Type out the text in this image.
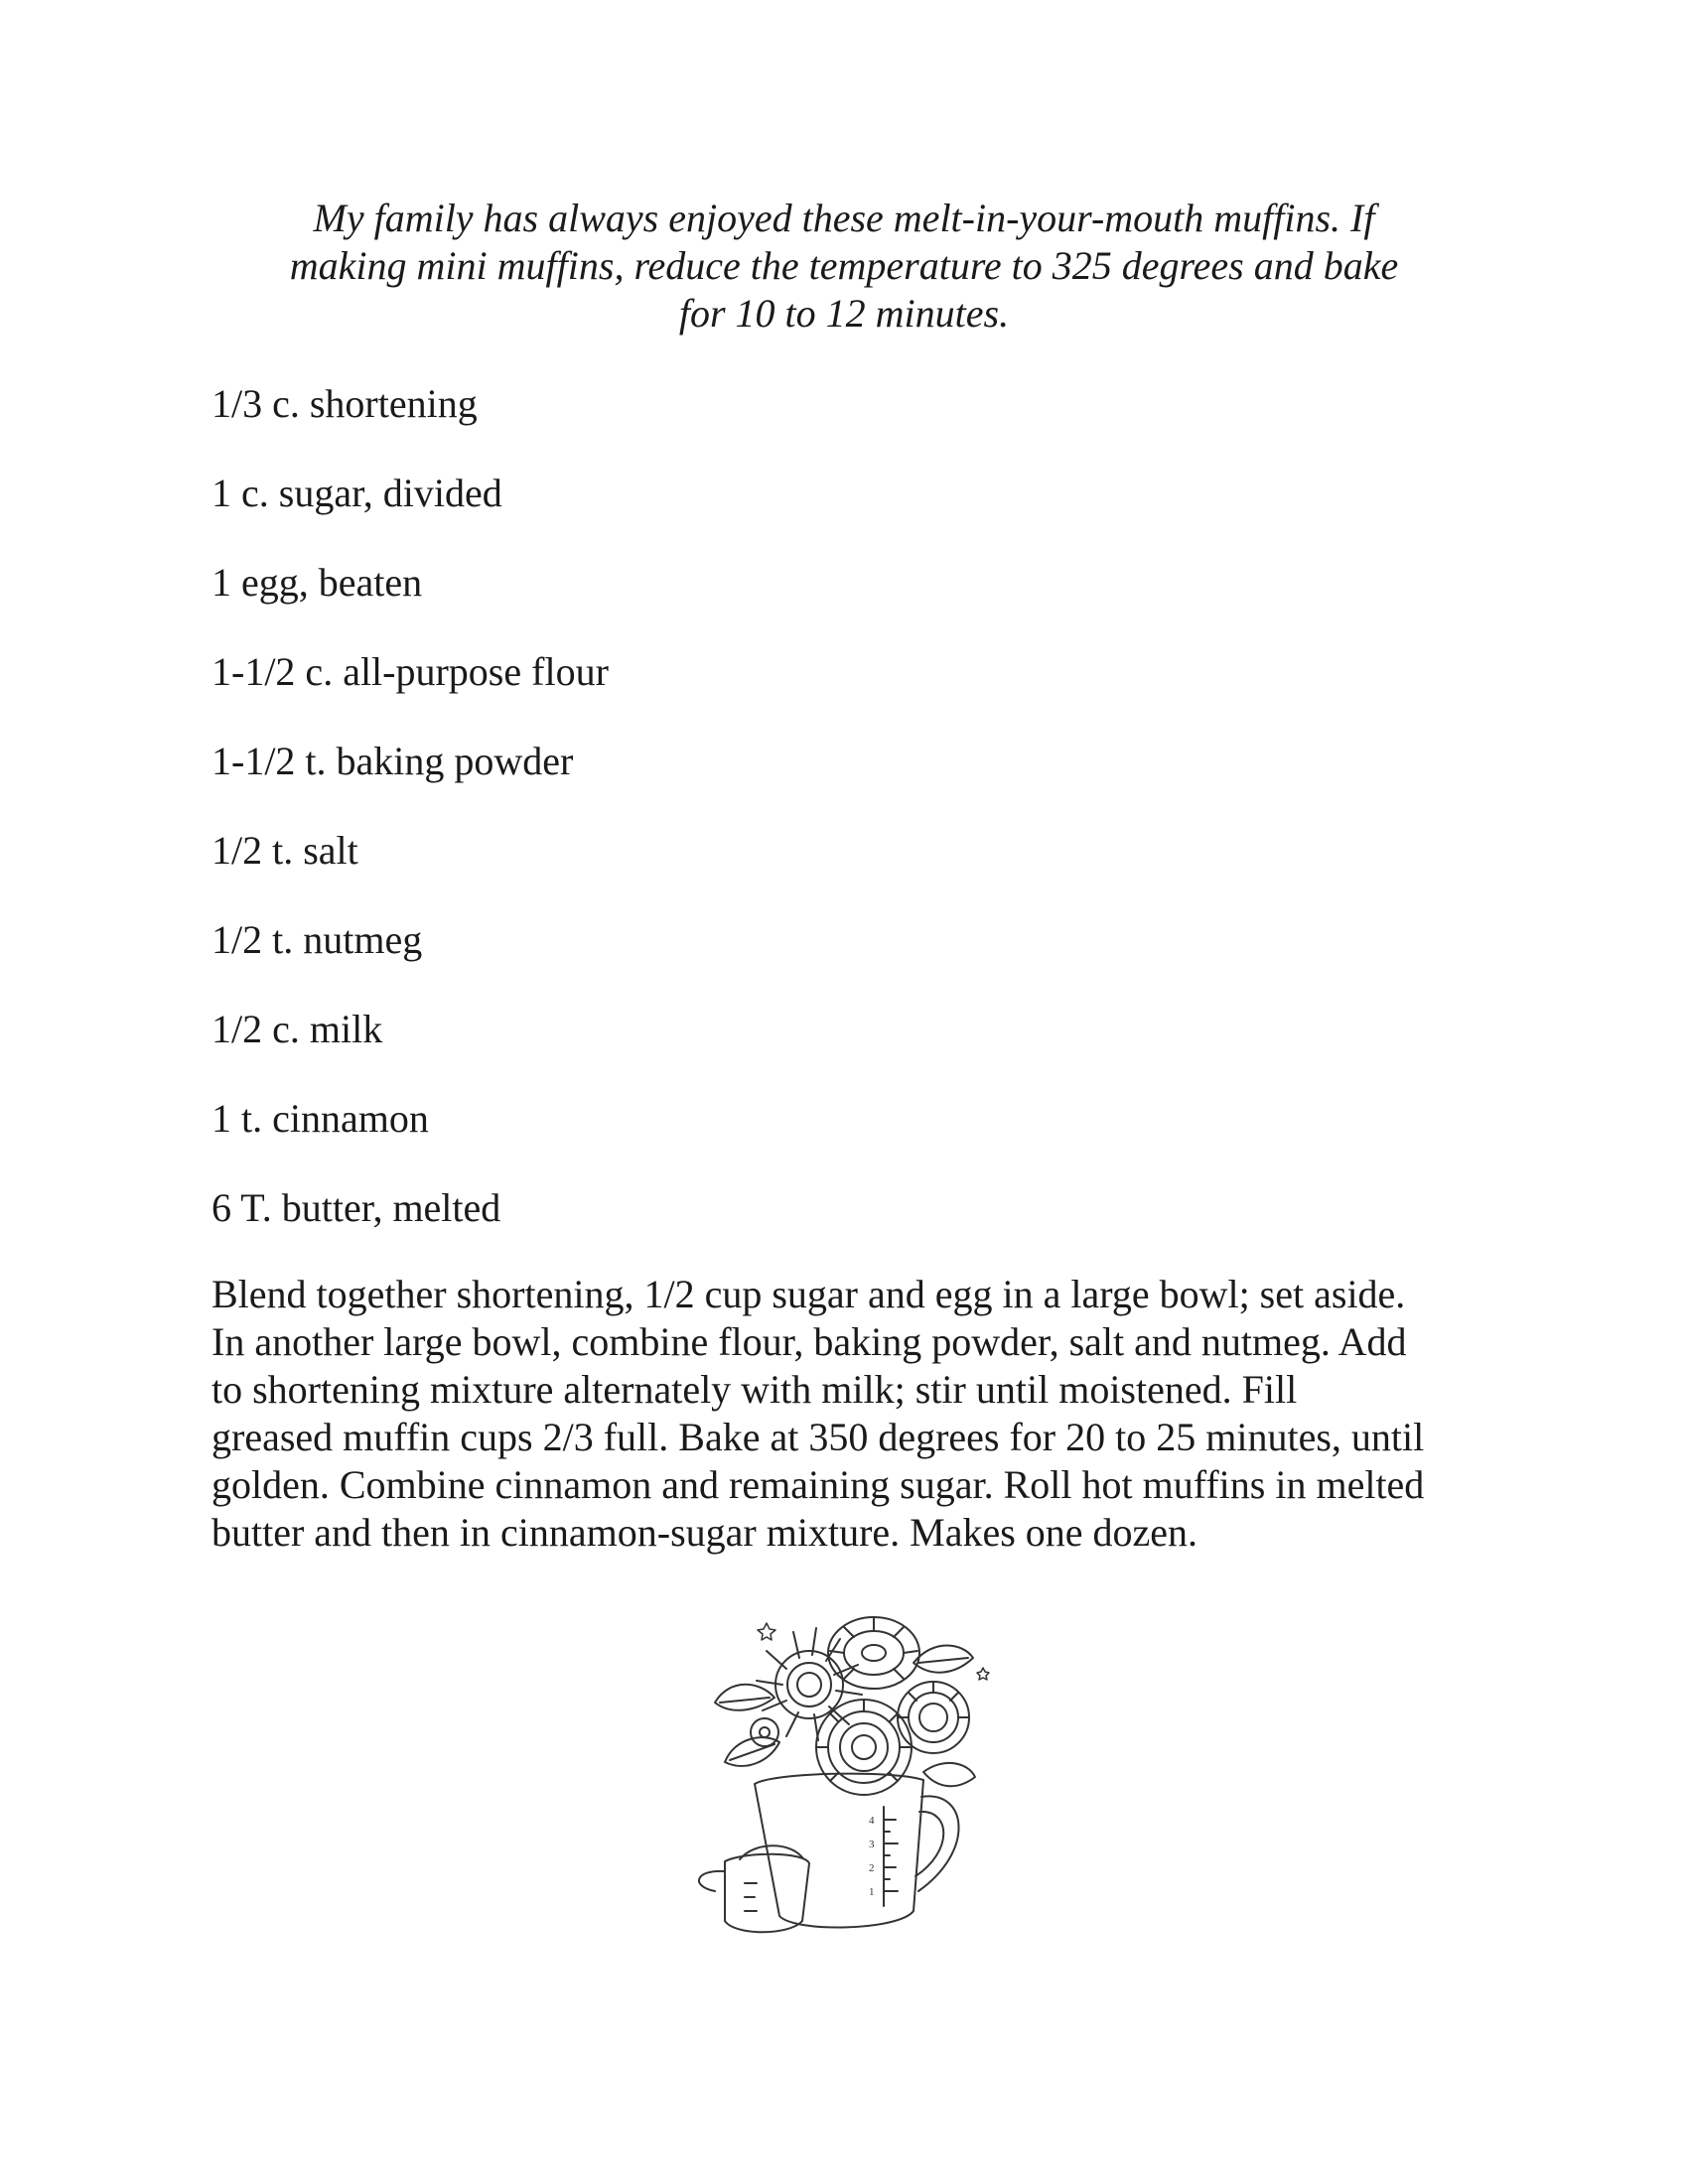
My family has always enjoyed these melt-in-your-mouth muffins. If
making mini muffins, reduce the temperature to 325 degrees and bake
for 10 to 12 minutes.
1/3 c. shortening
1 c. sugar, divided
1 egg, beaten
1-1/2 c. all-purpose flour
1-1/2 t. baking powder
1/2 t. salt
1/2 t. nutmeg
1/2 c. milk
1 t. cinnamon
6 T. butter, melted

Blend together shortening, 1/2 cup sugar and egg in a large bowl; set aside.

In another large bowl, combine flour, baking powder, salt and nutmeg. Add

to shortening mixture alternately with milk; stir until moistened. Fill

greased muffin cups 2/3 full. Bake at 350 degrees for 20 to 25 minutes, until

golden. Combine cinnamon and remaining sugar. Roll hot muffins in melted

butter and then in cinnamon-sugar mixture. Makes one dozen.

4
3
2
1
